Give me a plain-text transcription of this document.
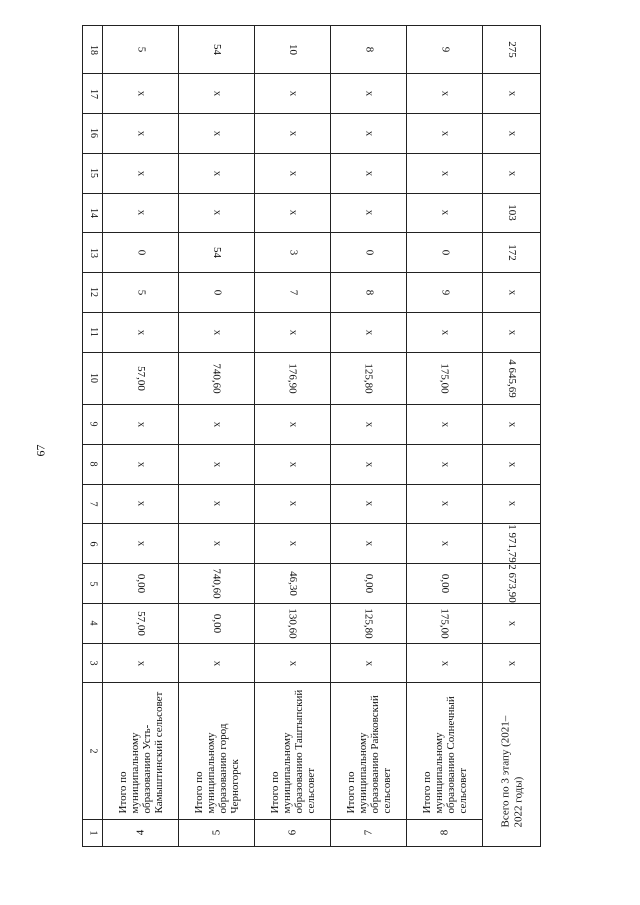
67
18	5	54	10	8	9	275
17	x	x	x	x	x	x
16	x	x	x	x	x	x
15	x	x	x	x	x	x
14	x	x	x	x	x	103
13	0	54	3	0	0	172
12	5	0	7	8	9	x
11	x	x	x	x	x	x
10	57,00	740,60	176,90	125,80	175,00	4 645,69
9	x	x	x	x	x	x
8	x	x	x	x	x	x
7	x	x	x	x	x	x
6	x	x	x	x	x	1 971,79
5	0,00	740,60	46,30	0,00	0,00	2 673,90
4	57,00	0,00	130,60	125,80	175,00	x
3	x	x	x	x	x	x
2	Итого по муниципальному образованию Усть-Камыштинский сельсовет	Итого по муниципальному образованию город Черногорск	Итого по муниципальному образованию Таштыпский сельсовет	Итого по муниципальному образованию Райковский сельсовет	Итого по муниципальному образованию Солнечный сельсовет	Всего по 3 этапу (2021–2022 годы)

1	4	5	6	7	8	
